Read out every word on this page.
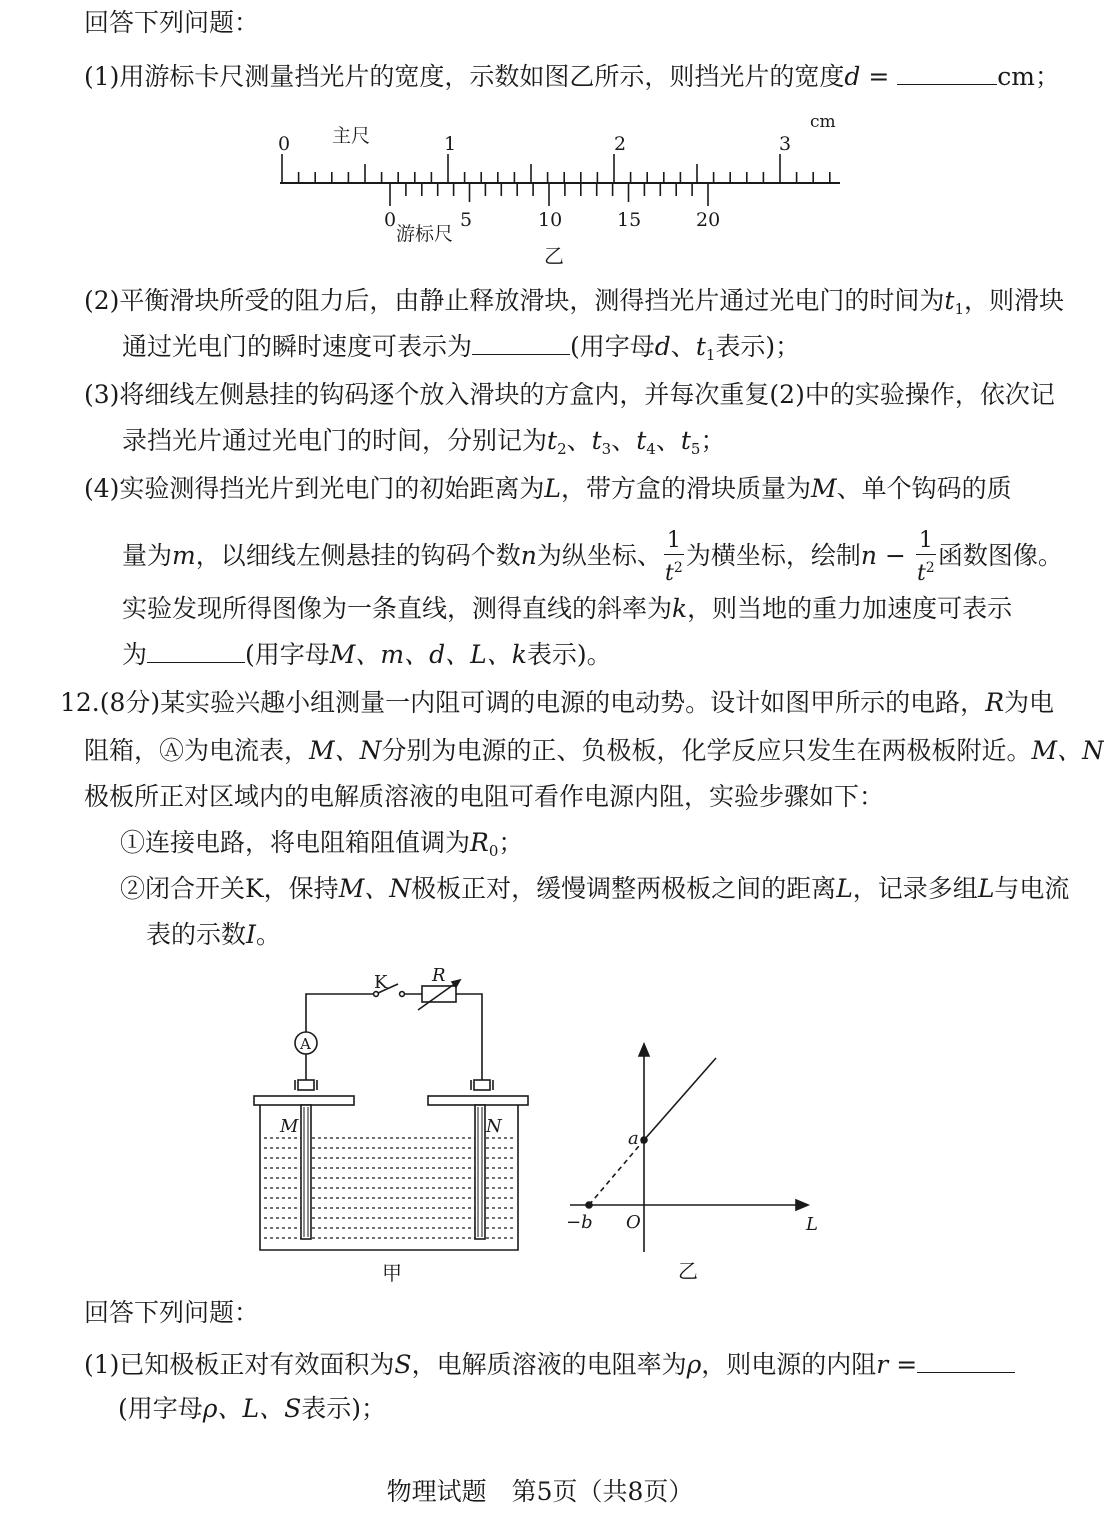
回答下列问题：
(1)用游标卡尺测量挡光片的宽度，示数如图乙所示，则挡光片的宽度d =	cm；
cm
0 主尺	1	2	3
0	5	10	15	20
游标尺
乙
(2)平衡滑块所受的阻力后，由静止释放滑块，测得挡光片通过光电门的时间为$t_1$，则滑块
通过光电门的瞬时速度可表示为	(用字母d、$t_1$表示)；
(3)将细线左侧悬挂的钩码逐个放入滑块的方盒内，并每次重复(2)中的实验操作，依次记
录挡光片通过光电门的时间，分别记为$t_2$、$t_3$、$t_4$、$t_5$；
(4)实验测得挡光片到光电门的初始距离为L，带方盒的滑块质量为M、单个钩码的质
量为m，以细线左侧悬挂的钩码个数n为纵坐标、 $\frac{1}{t^2}$ 为横坐标，绘制$n - \frac{1}{t^2}$ 函数图像。
实验发现所得图像为一条直线，测得直线的斜率为k，则当地的重力加速度可表示
为	(用字母M、m、d、L、k表示)。
12.(8分)某实验兴趣小组测量一内阻可调的电源的电动势。设计如图甲所示的电路，R为电
阻箱，Ⓐ为电流表，M、N分别为电源的正、负极板，化学反应只发生在两极板附近。M、N
极板所正对区域内的电解质溶液的电阻可看作电源内阻，实验步骤如下：
①连接电路，将电阻箱阻值调为$R_0$；
②闭合开关K，保持M、N极板正对，缓慢调整两极板之间的距离L，记录多组L与电流
表的示数I。
K R
A
M	N
甲
a
−b O	L
乙
回答下列问题：
(1)已知极板正对有效面积为S，电解质溶液的电阻率为ρ，则电源的内阻r =
(用字母ρ、L、S表示)；
物理试题　第5页（共8页）
